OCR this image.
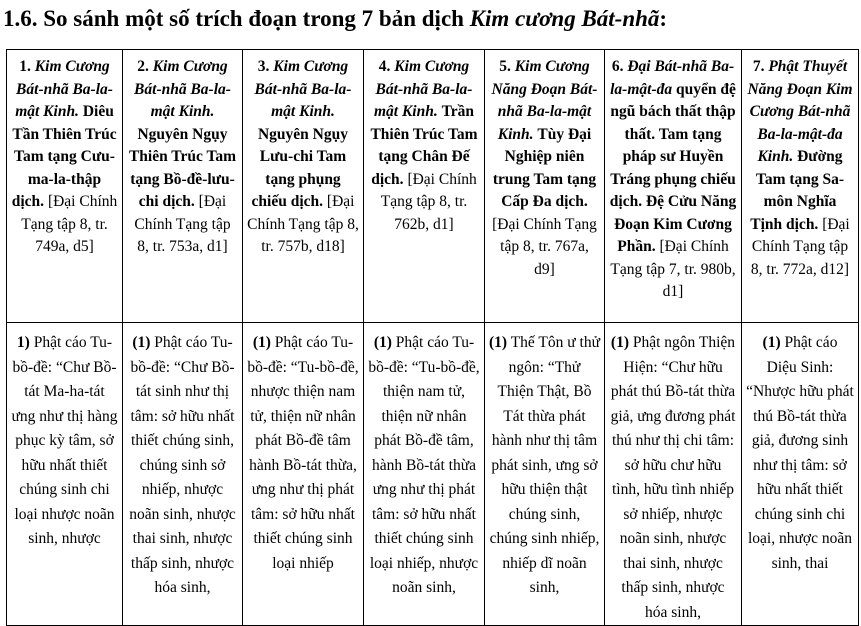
1.6. So sánh một số trích đoạn trong 7 bản dịch Kim cương Bát-nhã:
1. Kim Cương Bát-nhã Ba-la-mật Kinh. Diêu Tần Thiên Trúc Tam tạng Cưu-ma-la-thập dịch. [Đại Chính Tạng tập 8, tr. 749a, d5]	2. Kim Cương Bát-nhã Ba-la-mật Kinh. Nguyên Ngụy Thiên Trúc Tam tạng Bồ-đề-lưu-chi dịch. [Đại Chính Tạng tập 8, tr. 753a, d1]	3. Kim Cương Bát-nhã Ba-la-mật Kinh. Nguyên Ngụy Lưu-chi Tam tạng phụng chiếu dịch. [Đại Chính Tạng tập 8, tr. 757b, d18]	4. Kim Cương Bát-nhã Ba-la-mật Kinh. Trần Thiên Trúc Tam tạng Chân Đế dịch. [Đại Chính Tạng tập 8, tr. 762b, d1]	5. Kim Cương Năng Đoạn Bát-nhã Ba-la-mật Kinh. Tùy Đại Nghiệp niên trung Tam tạng Cấp Đa dịch. [Đại Chính Tạng tập 8, tr. 767a, d9]	6. Đại Bát-nhã Ba-la-mật-đa quyển đệ ngũ bách thất thập thất. Tam tạng pháp sư Huyền Tráng phụng chiếu dịch. Đệ Cửu Năng Đoạn Kim Cương Phần. [Đại Chính Tạng tập 7, tr. 980b, d1]	7. Phật Thuyết Năng Đoạn Kim Cương Bát-nhã Ba-la-mật-đa Kinh. Đường Tam tạng Sa-môn Nghĩa Tịnh dịch. [Đại Chính Tạng tập 8, tr. 772a, d12]
1) Phật cáo Tu-bồ-đề: “Chư Bồ-tát Ma-ha-tát ưng như thị hàng phục kỳ tâm, sở hữu nhất thiết chúng sinh chi loại nhược noãn sinh, nhược	(1) Phật cáo Tu-bồ-đề: “Chư Bồ-tát sinh như thị tâm: sở hữu nhất thiết chúng sinh, chúng sinh sở nhiếp, nhược noãn sinh, nhược thai sinh, nhược thấp sinh, nhược hóa sinh,	(1) Phật cáo Tu-bồ-đề: “Tu-bồ-đề, nhược thiện nam tử, thiện nữ nhân phát Bồ-đề tâm hành Bồ-tát thừa, ưng như thị phát tâm: sở hữu nhất thiết chúng sinh loại nhiếp	(1) Phật cáo Tu-bồ-đề: “Tu-bồ-đề, thiện nam tử, thiện nữ nhân phát Bồ-đề tâm, hành Bồ-tát thừa ưng như thị phát tâm: sở hữu nhất thiết chúng sinh loại nhiếp, nhược noãn sinh,	(1) Thế Tôn ư thử ngôn: “Thử Thiện Thật, Bồ Tát thừa phát hành như thị tâm phát sinh, ưng sở hữu thiện thật chúng sinh, chúng sinh nhiếp, nhiếp dĩ noãn sinh,	(1) Phật ngôn Thiện Hiện: “Chư hữu phát thú Bồ-tát thừa giả, ưng đương phát thú như thị chi tâm: sở hữu chư hữu tình, hữu tình nhiếp sở nhiếp, nhược noãn sinh, nhược thai sinh, nhược thấp sinh, nhược hóa sinh,	(1) Phật cáo Diệu Sinh: “Nhược hữu phát thú Bồ-tát thừa giả, đương sinh như thị tâm: sở hữu nhất thiết chúng sinh chi loại, nhược noãn sinh, thai
